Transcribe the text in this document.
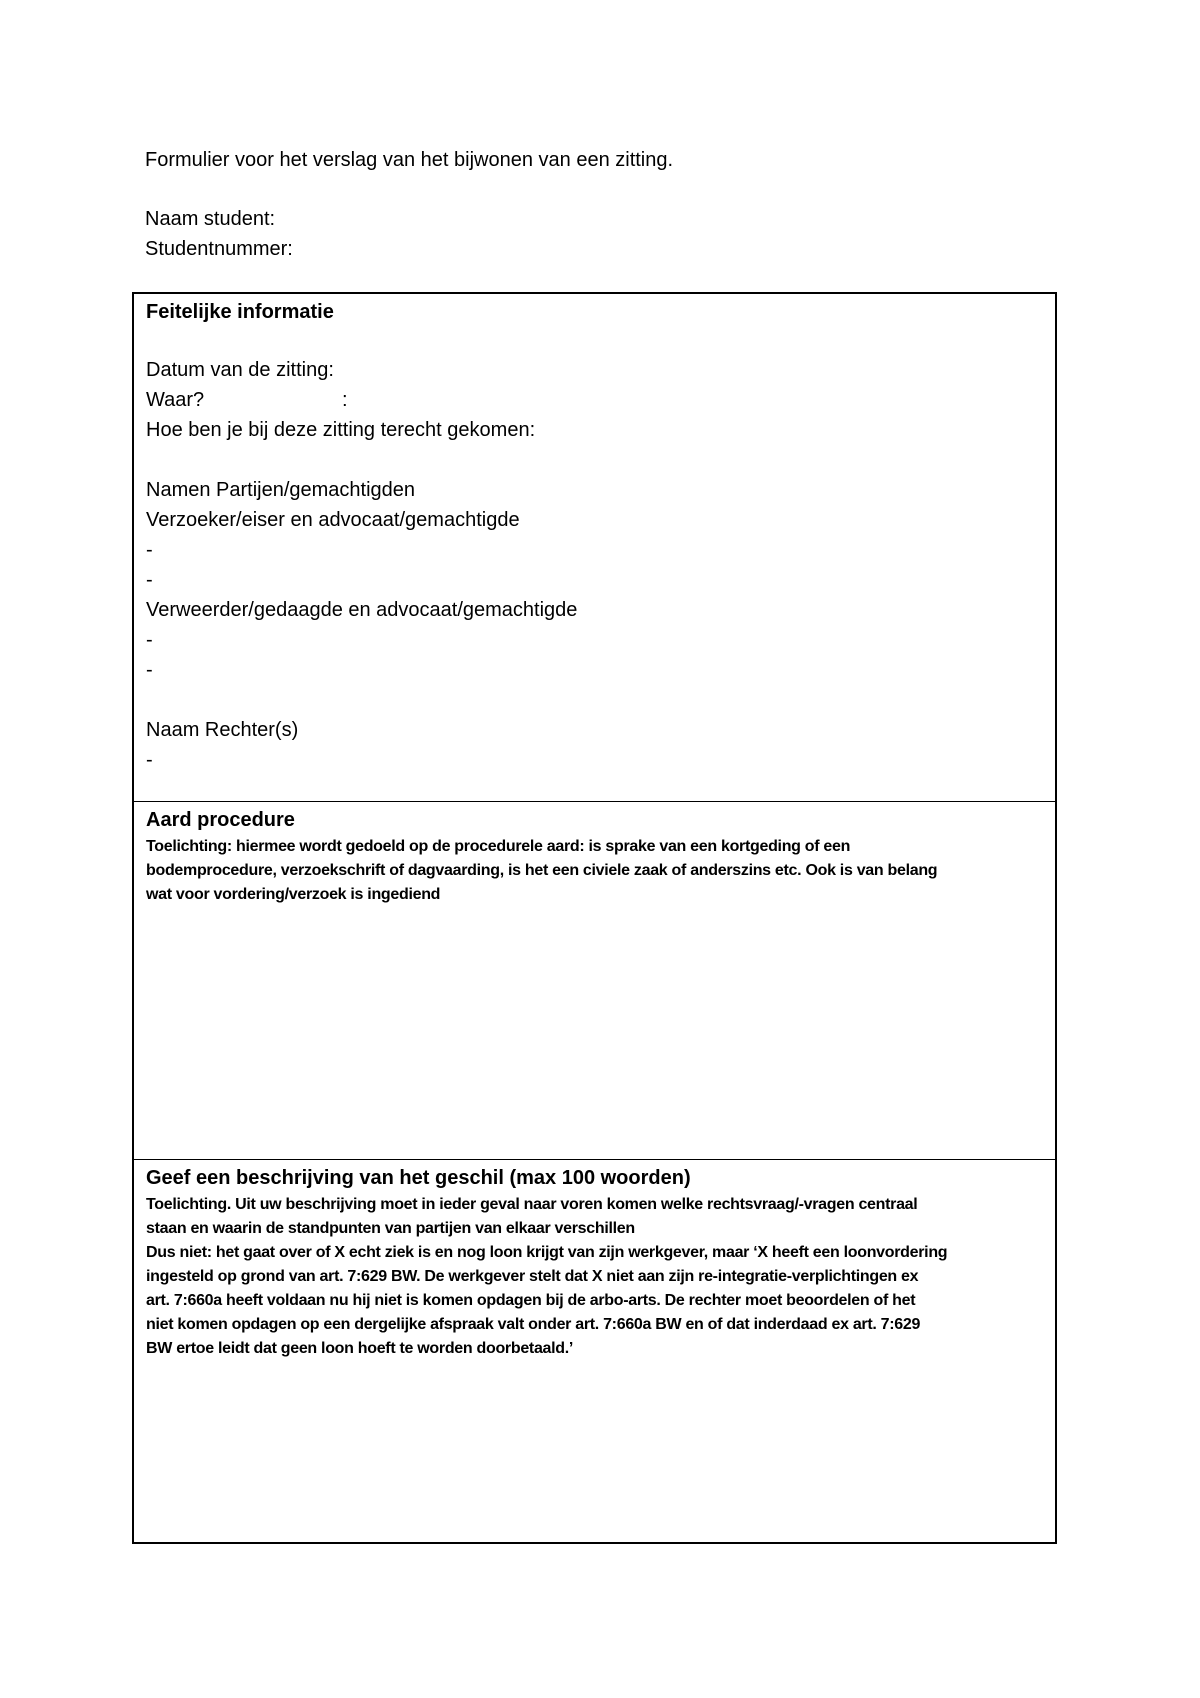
Formulier voor het verslag van het bijwonen van een zitting.
Naam student:
Studentnummer:
Feitelijke informatie
Datum van de zitting:
Waar?	:
Hoe ben je bij deze zitting terecht gekomen:
Namen Partijen/gemachtigden
Verzoeker/eiser en advocaat/gemachtigde
-
-
Verweerder/gedaagde en advocaat/gemachtigde
-
-
Naam Rechter(s)
-
Aard procedure

Toelichting: hiermee wordt gedoeld op de procedurele aard: is sprake van een kortgeding of een

bodemprocedure, verzoekschrift of dagvaarding, is het een civiele zaak of anderszins etc. Ook is van belang

wat voor vordering/verzoek is ingediend

Geef een beschrijving van het geschil (max 100 woorden)

Toelichting. Uit uw beschrijving moet in ieder geval naar voren komen welke rechtsvraag/-vragen centraal

staan en waarin de standpunten van partijen van elkaar verschillen

Dus niet: het gaat over of X echt ziek is en nog loon krijgt van zijn werkgever, maar ‘X heeft een loonvordering

ingesteld op grond van art. 7:629 BW. De werkgever stelt dat X niet aan zijn re-integratie-verplichtingen ex

art. 7:660a heeft voldaan nu hij niet is komen opdagen bij de arbo-arts. De rechter moet beoordelen of het

niet komen opdagen op een dergelijke afspraak valt onder art. 7:660a BW en of dat inderdaad ex art. 7:629

BW ertoe leidt dat geen loon hoeft te worden doorbetaald.’
